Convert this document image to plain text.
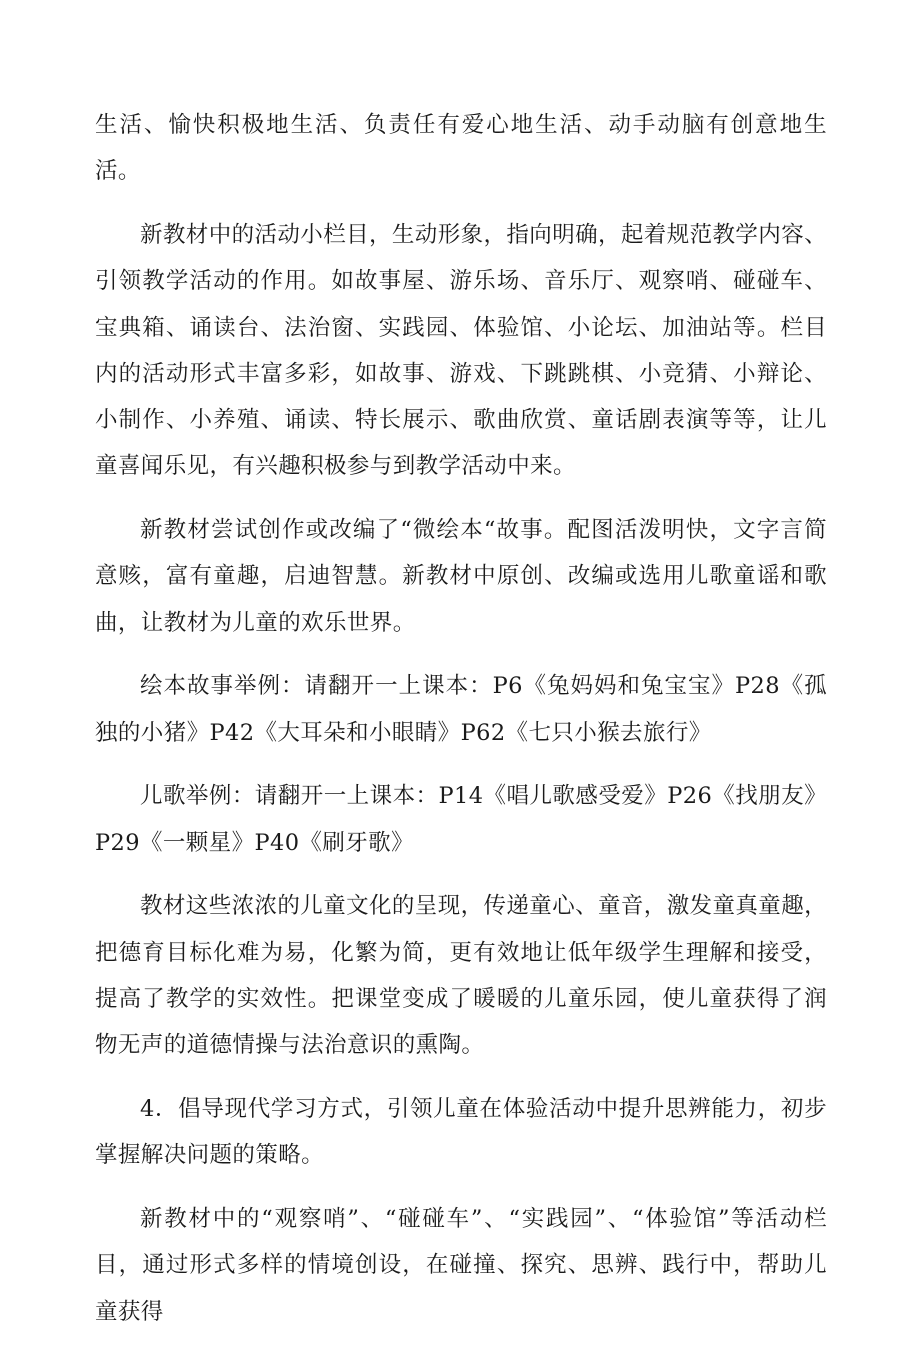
生活、愉快积极地生活、负责任有爱心地生活、动手动脑有创意地生活。

新教材中的活动小栏目，生动形象，指向明确，起着规范教学内容、引领教学活动的作用。如故事屋、游乐场、音乐厅、观察哨、碰碰车、宝典箱、诵读台、法治窗、实践园、体验馆、小论坛、加油站等。栏目内的活动形式丰富多彩，如故事、游戏、下跳跳棋、小竞猜、小辩论、小制作、小养殖、诵读、特长展示、歌曲欣赏、童话剧表演等等，让儿童喜闻乐见，有兴趣积极参与到教学活动中来。

新教材尝试创作或改编了“微绘本“故事。配图活泼明快，文字言简意赅，富有童趣，启迪智慧。新教材中原创、改编或选用儿歌童谣和歌曲，让教材为儿童的欢乐世界。

绘本故事举例：请翻开一上课本：P6《兔妈妈和兔宝宝》P28《孤独的小猪》P42《大耳朵和小眼睛》P62《七只小猴去旅行》

儿歌举例：请翻开一上课本：P14《唱儿歌感受爱》P26《找朋友》P29《一颗星》P40《刷牙歌》

教材这些浓浓的儿童文化的呈现，传递童心、童音，激发童真童趣，把德育目标化难为易，化繁为简，更有效地让低年级学生理解和接受，提高了教学的实效性。把课堂变成了暖暖的儿童乐园，使儿童获得了润物无声的道德情操与法治意识的熏陶。

4．倡导现代学习方式，引领儿童在体验活动中提升思辨能力，初步掌握解决问题的策略。

新教材中的“观察哨”、“碰碰车”、“实践园”、“体验馆”等活动栏目，通过形式多样的情境创设，在碰撞、探究、思辨、践行中，帮助儿童获得
